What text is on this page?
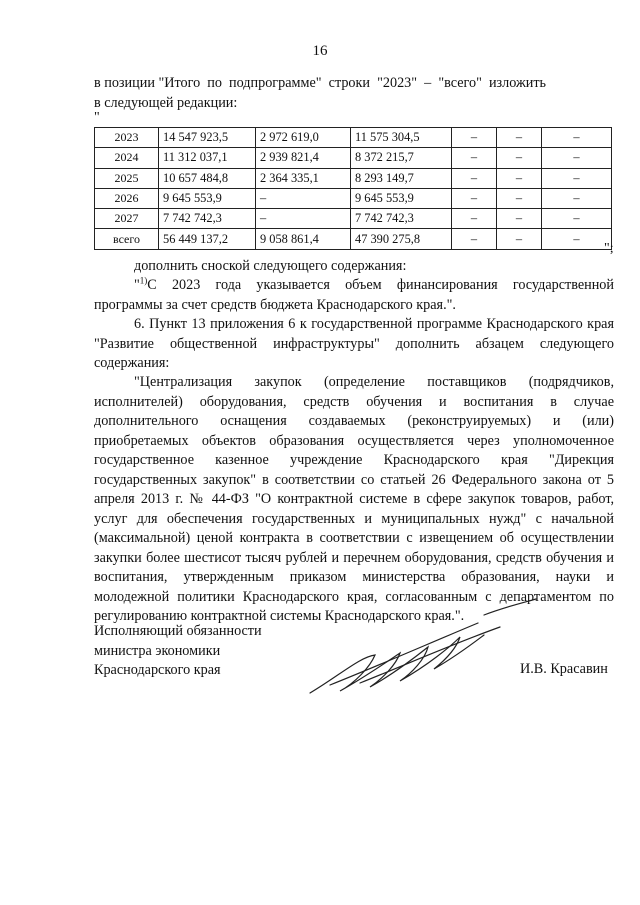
16
в позиции "Итого  по  подпрограмме"  строки  "2023"  –  "всего"  изложить
в следующей редакции:
"
2023	14 547 923,5	2 972 619,0	11 575 304,5	–	–	–
2024	11 312 037,1	2 939 821,4	8 372 215,7	–	–	–
2025	10 657 484,8	2 364 335,1	8 293 149,7	–	–	–
2026	9 645 553,9	–	9 645 553,9	–	–	–
2027	7 742 742,3	–	7 742 742,3	–	–	–
всего	56 449 137,2	9 058 861,4	47 390 275,8	–	–	–
";
дополнить сноской следующего содержания:
"$^{1)}$С 2023 года указывается объем финансирования государственной программы за счет средств бюджета Краснодарского края.".
6. Пункт 13 приложения 6 к государственной программе Краснодарского края "Развитие общественной инфраструктуры" дополнить абзацем следующего содержания:
"Централизация закупок (определение поставщиков (подрядчиков, исполнителей) оборудования, средств обучения и воспитания в случае дополнительного оснащения создаваемых (реконструируемых) и (или) приобретаемых объектов образования осуществляется через уполномоченное государственное казенное учреждение Краснодарского края "Дирекция государственных закупок" в соответствии со статьей 26 Федерального закона от 5 апреля 2013 г. № 44-ФЗ "О контрактной системе в сфере закупок товаров, работ, услуг для обеспечения государственных и муниципальных нужд" с начальной (максимальной) ценой контракта в соответствии с извещением об осуществлении закупки более шестисот тысяч рублей и перечнем оборудования, средств обучения и воспитания, утвержденным приказом министерства образования, науки и молодежной политики Краснодарского края, согласованным с департаментом по регулированию контрактной системы Краснодарского края.".
Исполняющий обязанности
министра экономики
Краснодарского края	И.В. Красавин
